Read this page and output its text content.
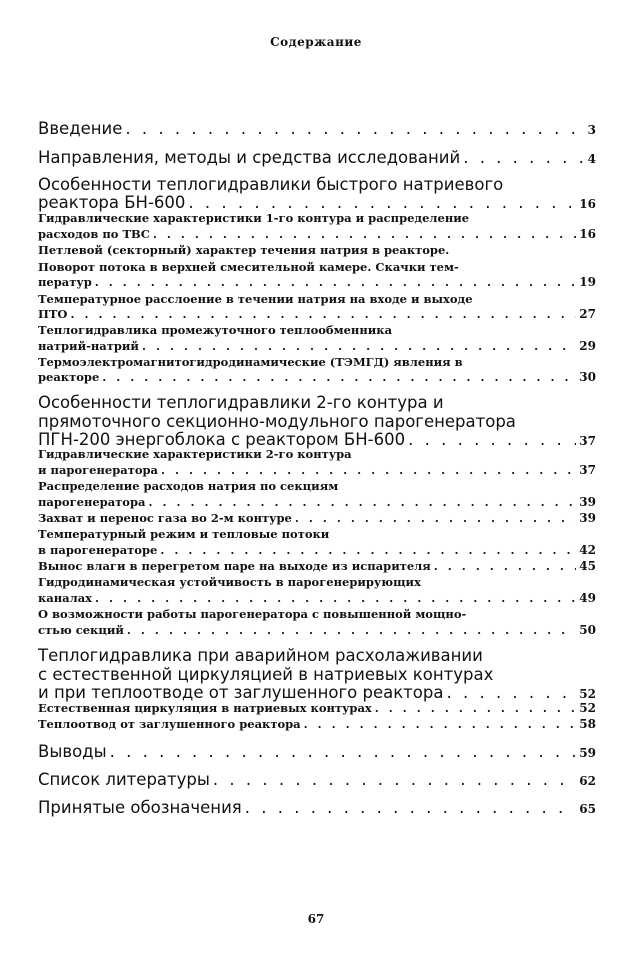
Содержание
Введение . . .	3
Направления, методы и средства исследований . . .	4
Особенности теплогидравлики быстрого натриевого
реактора БН-600 . . .	16
Гидравлические характеристики 1-го контура и распределение
расходов по ТВС . . .	16
Петлевой (секторный) характер течения натрия в реакторе.
Поворот потока в верхней смесительной камере. Скачки тем-
ператур . . .	19
Температурное расслоение в течении натрия на входе и выходе
ПТО . . .	27
Теплогидравлика промежуточного теплообменника
натрий-натрий . . .	29
Термоэлектромагнитогидродинамические (ТЭМГД) явления в
реакторе . . .	30
Особенности теплогидравлики 2-го контура и
прямоточного секционно-модульного парогенератора
ПГН-200 энергоблока с реактором БН-600 . . .	37
Гидравлические характеристики 2-го контура
и парогенератора . . .	37
Распределение расходов натрия по секциям
парогенератора . . .	39
Захват и перенос газа во 2-м контуре . . .	39
Температурный режим и тепловые потоки
в парогенераторе . . .	42
Вынос влаги в перегретом паре на выходе из испарителя . . .	45
Гидродинамическая устойчивость в парогенерирующих
каналах . . .	49
О возможности работы парогенератора с повышенной мощно-
стью секций . . .	50
Теплогидравлика при аварийном расхолаживании
с естественной циркуляцией в натриевых контурах
и при теплоотводе от заглушенного реактора . . .	52
Естественная циркуляция в натриевых контурах . . .	52
Теплоотвод от заглушенного реактора . . .	58
Выводы . . .	59
Список литературы . . .	62
Принятые обозначения . . .	65
67
